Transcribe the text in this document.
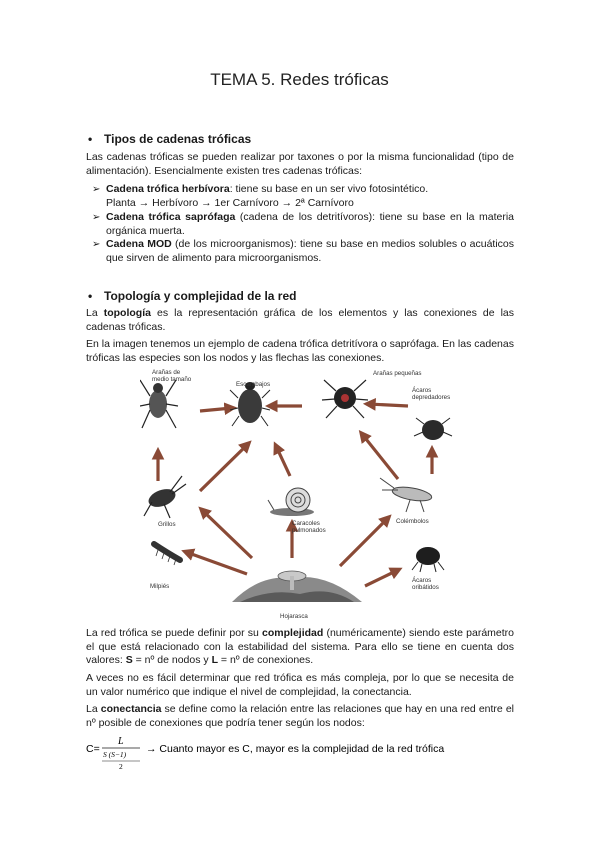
TEMA 5. Redes tróficas
• Tipos de cadenas tróficas
Las cadenas tróficas se pueden realizar por taxones o por la misma funcionalidad (tipo de alimentación). Esencialmente existen tres cadenas tróficas:
➢ Cadena trófica herbívora: tiene su base en un ser vivo fotosintético.
Planta → Herbívoro → 1er Carnívoro → 2ª Carnívoro
➢ Cadena trófica saprófaga (cadena de los detritívoros): tiene su base en la materia orgánica muerta.
➢ Cadena MOD (de los microorganismos): tiene su base en medios solubles o acuáticos que sirven de alimento para microorganismos.
• Topología y complejidad de la red
La topología es la representación gráfica de los elementos y las conexiones de las cadenas tróficas.
En la imagen tenemos un ejemplo de cadena trófica detritívora o saprófaga. En las cadenas tróficas las especies son los nodos y las flechas las conexiones.
Arañas de
medio tamaño
Escarabajos
Arañas pequeñas
Ácaros
depredadores
Grillos	Caracoles
pulmonados
Colémbolos
Milpiés
Ácaros
oribátidos
Hojarasca
La red trófica se puede definir por su complejidad (numéricamente) siendo este parámetro el que está relacionado con la estabilidad del sistema. Para ello se tiene en cuenta dos valores: S = nº de nodos y L = nº de conexiones.
A veces no es fácil determinar que red trófica es más compleja, por lo que se necesita de un valor numérico que indique el nivel de complejidad, la conectancia.
La conectancia se define como la relación entre las relaciones que hay en una red entre el nº posible de conexiones que podría tener según los nodos:
C=
L
S (S−1)
2
→ Cuanto mayor es C, mayor es la complejidad de la red trófica
